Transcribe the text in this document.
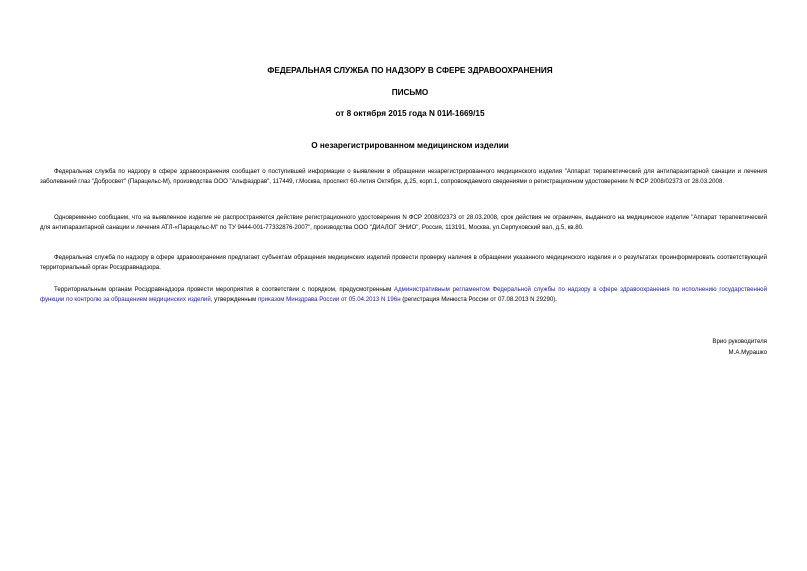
ФЕДЕРАЛЬНАЯ СЛУЖБА ПО НАДЗОРУ В СФЕРЕ ЗДРАВООХРАНЕНИЯ
ПИСЬМО
от 8 октября 2015 года N 01И-1669/15
О незарегистрированном медицинском изделии
Федеральная служба по надзору в сфере здравоохранения сообщает о поступившей информации о выявлении в обращении незарегистрированного медицинского изделия "Аппарат терапевтический для антипаразитарной санации и лечения заболеваний глаз "Добросвет" (Парацельс-М), производства ООО "Альфаздрав", 117449, г.Москва, проспект 60-летия Октября, д.25, корп.1, сопровождаемого сведениями о регистрационном удостоверении N ФСР 2008/02373 от 28.03.2008.
Одновременно сообщаем, что на выявленное изделие не распространяется действие регистрационного удостоверения N ФСР 2008/02373 от 28.03.2008, срок действия не ограничен, выданного на медицинское изделие "Аппарат терапевтический для антипаразитарной санации и лечения АТЛ-«Парацельс-М" по ТУ 9444-001-77332876-2007", производства ООО "ДИАЛОГ ЭНИО", Россия, 113191, Москва, ул.Серпуховский вал, д.5, кв.80.
Федеральная служба по надзору в сфере здравоохранения предлагает субъектам обращения медицинских изделий провести проверку наличия в обращении указанного медицинского изделия и о результатах проинформировать соответствующий территориальный орган Росздравнадзора.
Территориальным органам Росздравнадзора провести мероприятия в соответствии с порядком, предусмотренным Административным регламентом Федеральной службы по надзору в сфере здравоохранения по исполнению государственной функции по контролю за обращением медицинских изделий, утвержденным приказом Минздрава России от 05.04.2013 N 196н (регистрация Минюста России от 07.08.2013 N 29290).
Врио руководителя
М.А.Мурашко
